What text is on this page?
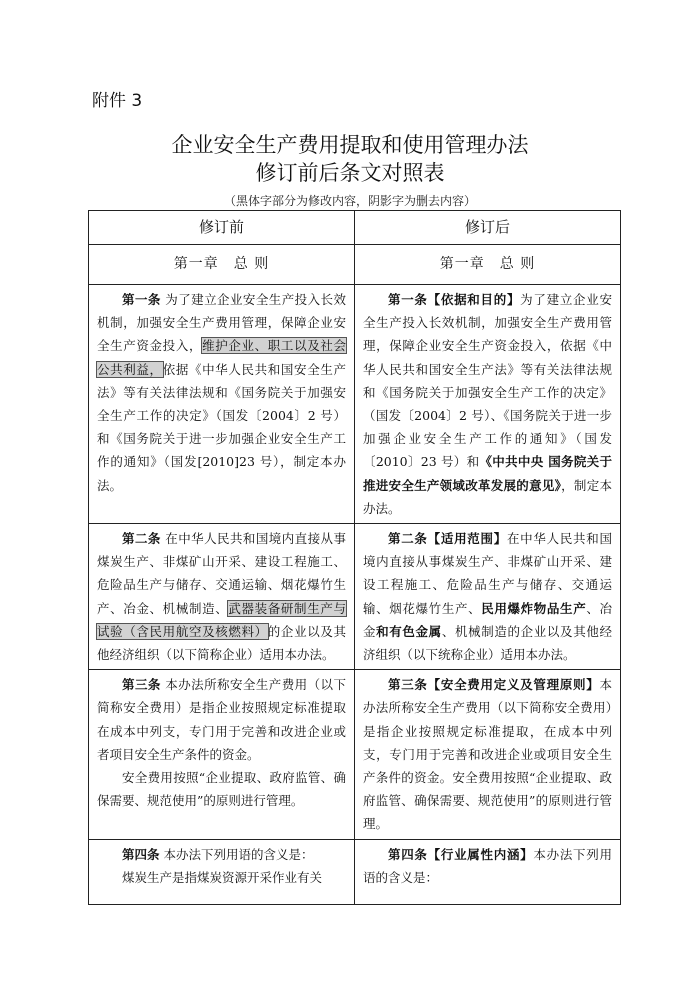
附件 3
企业安全生产费用提取和使用管理办法
修订前后条文对照表
（黑体字部分为修改内容，阴影字为删去内容）
修订前	修订后
第一章　总 则	第一章　总 则

第一条 为了建立企业安全生产投入长效机制，加强安全生产费用管理，保障企业安全生产资金投入，维护企业、职工以及社会公共利益，依据《中华人民共和国安全生产法》等有关法律法规和《国务院关于加强安全生产工作的决定》（国发〔2004〕2 号）和《国务院关于进一步加强企业安全生产工作的通知》（国发[2010]23 号），制定本办法。	第一条【依据和目的】为了建立企业安全生产投入长效机制，加强安全生产费用管理，保障企业安全生产资金投入，依据《中华人民共和国安全生产法》等有关法律法规和《国务院关于加强安全生产工作的决定》（国发〔2004〕2 号）、《国务院关于进一步加强企业安全生产工作的通知》（国发〔2010〕23 号）和《中共中央 国务院关于推进安全生产领域改革发展的意见》，制定本办法。

第二条 在中华人民共和国境内直接从事煤炭生产、非煤矿山开采、建设工程施工、危险品生产与储存、交通运输、烟花爆竹生产、冶金、机械制造、武器装备研制生产与试验（含民用航空及核燃料）的企业以及其他经济组织（以下简称企业）适用本办法。	第二条【适用范围】在中华人民共和国境内直接从事煤炭生产、非煤矿山开采、建设工程施工、危险品生产与储存、交通运输、烟花爆竹生产、民用爆炸物品生产、冶金和有色金属、机械制造的企业以及其他经济组织（以下统称企业）适用本办法。

第三条 本办法所称安全生产费用（以下简称安全费用）是指企业按照规定标准提取在成本中列支，专门用于完善和改进企业或者项目安全生产条件的资金。
安全费用按照“企业提取、政府监管、确保需要、规范使用”的原则进行管理。	第三条【安全费用定义及管理原则】本办法所称安全生产费用（以下简称安全费用）是指企业按照规定标准提取，在成本中列支，专门用于完善和改进企业或项目安全生产条件的资金。安全费用按照“企业提取、政府监管、确保需要、规范使用”的原则进行管理。

第四条 本办法下列用语的含义是：
煤炭生产是指煤炭资源开采作业有关	第四条【行业属性内涵】本办法下列用语的含义是：
